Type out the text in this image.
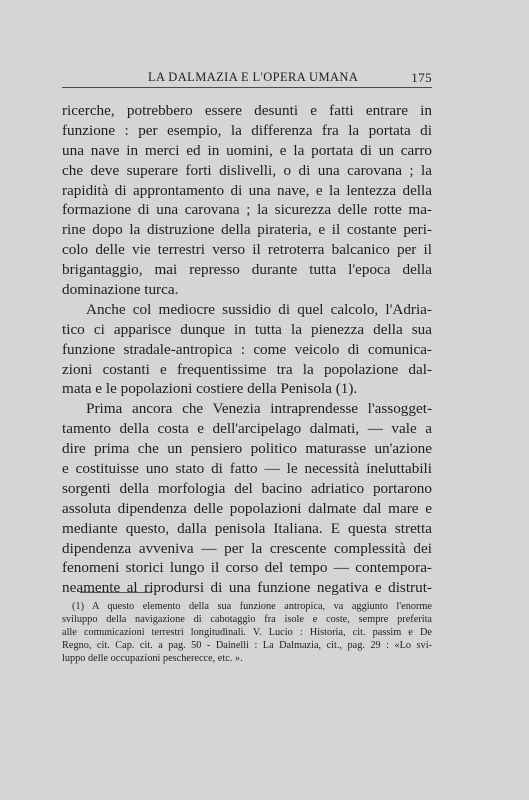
LA DALMAZIA E L'OPERA UMANA	175
ricerche, potrebbero essere desunti e fatti entrare in
funzione : per esempio, la differenza fra la portata di
una nave in merci ed in uomini, e la portata di un carro
che deve superare forti dislivelli, o di una carovana ; la
rapidità di approntamento di una nave, e la lentezza della
formazione di una carovana ; la sicurezza delle rotte ma-
rine dopo la distruzione della pirateria, e il costante peri-
colo delle vie terrestri verso il retroterra balcanico per il
brigantaggio, mai represso durante tutta l'epoca della
dominazione turca.
Anche col mediocre sussidio di quel calcolo, l'Adria-
tico ci apparisce dunque in tutta la pienezza della sua
funzione stradale-antropica : come veicolo di comunica-
zioni costanti e frequentissime tra la popolazione dal-
mata e le popolazioni costiere della Penisola (1).
Prima ancora che Venezia intraprendesse l'assogget-
tamento della costa e dell'arcipelago dalmati, — vale a
dire prima che un pensiero politico maturasse un'azione
e costituisse uno stato di fatto — le necessità ineluttabili
sorgenti della morfologia del bacino adriatico portarono
assoluta dipendenza delle popolazioni dalmate dal mare e
mediante questo, dalla penisola Italiana. E questa stretta
dipendenza avveniva — per la crescente complessità dei
fenomeni storici lungo il corso del tempo — contempora-
neamente al riprodursi di una funzione negativa e distrut-
(1) A questo elemento della sua funzione antropica, va aggiunto l'enorme
sviluppo della navigazione di cabotaggio fra isole e coste, sempre preferita
alle comunicazioni terrestri longitudinali. V. Lucio : Historia, cit. passim e De
Regno, cit. Cap. cit. a pag. 50 - Dainelli : La Dalmazia, cit., pag. 29 : «Lo svi-
luppo delle occupazioni pescherecce, etc. ».
